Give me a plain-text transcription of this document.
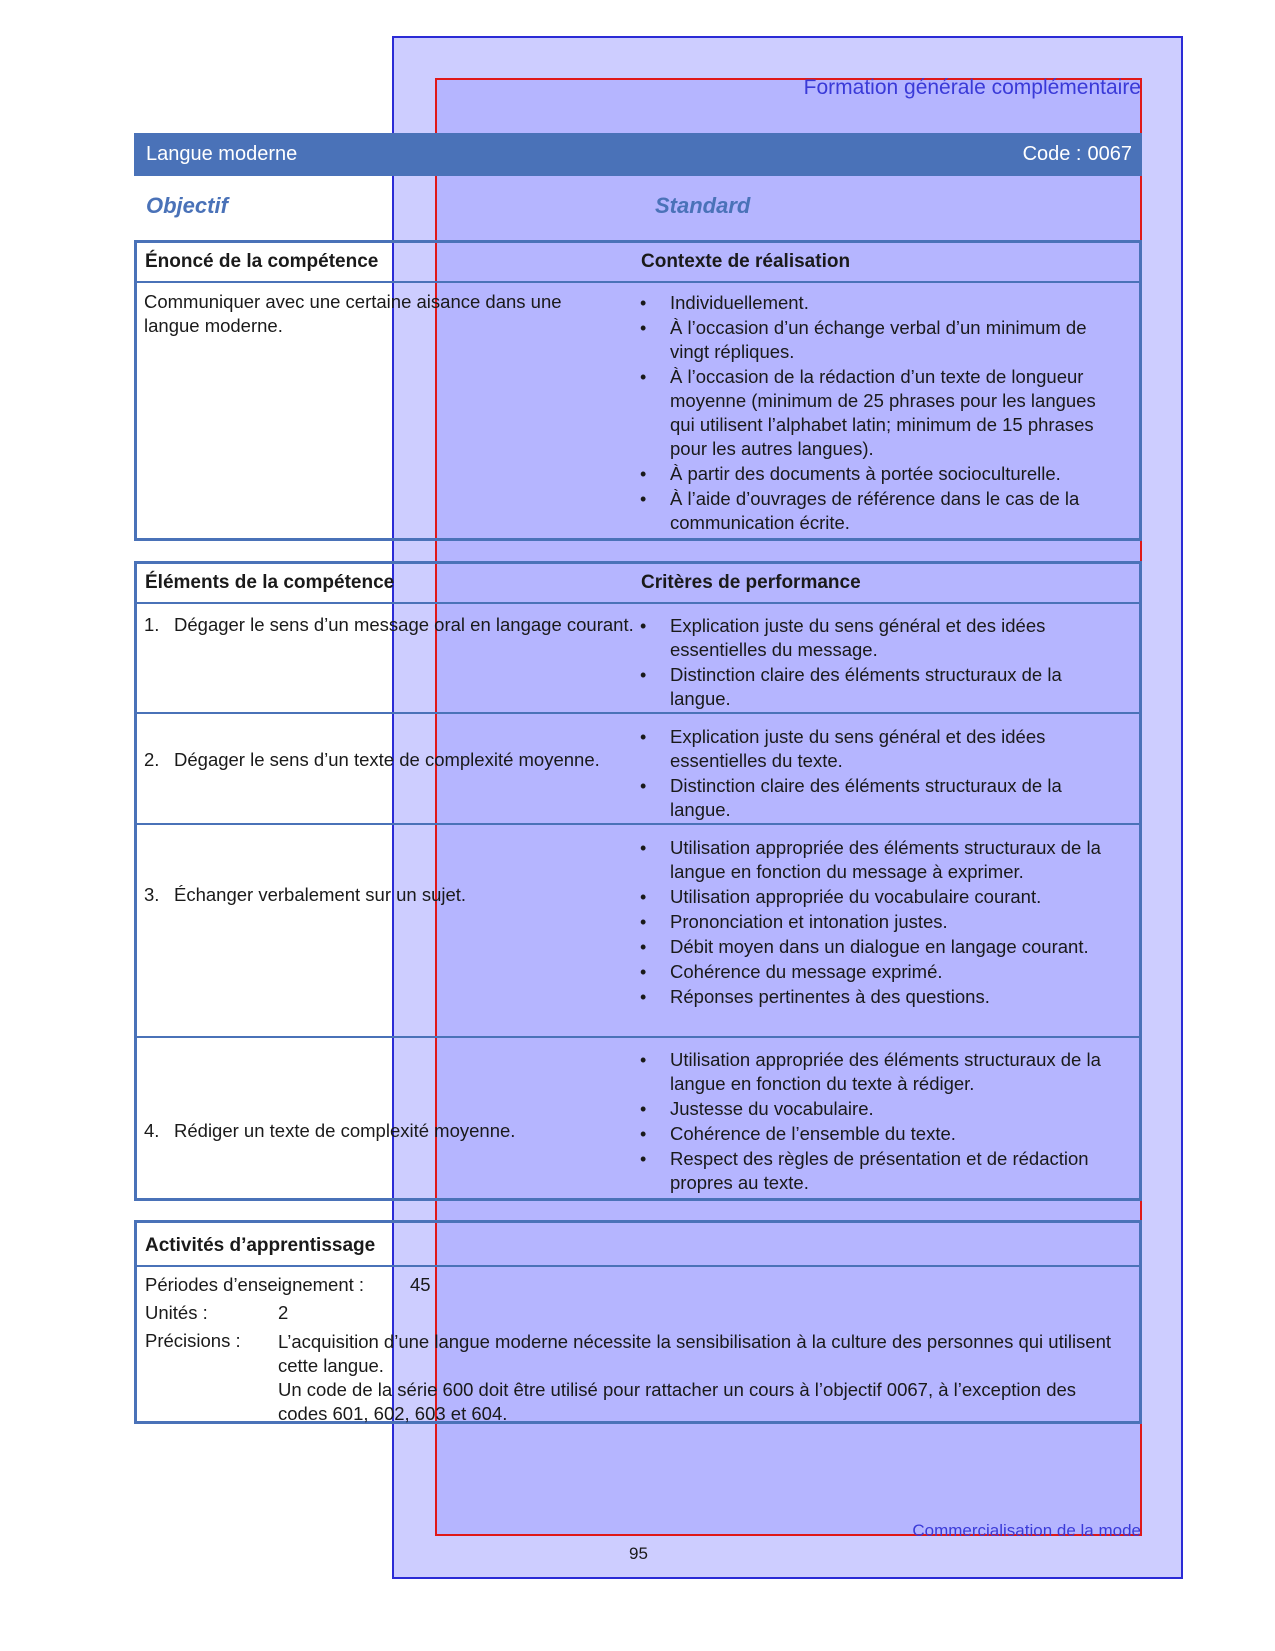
Formation générale complémentaire
Langue moderne	Code : 0067
Objectif	Standard
Énoncé de la compétence	Contexte de réalisation
Communiquer avec une certaine aisance dans une langue moderne.
• Individuellement.
• À l’occasion d’un échange verbal d’un minimum de vingt répliques.
• À l’occasion de la rédaction d’un texte de longueur moyenne (minimum de 25 phrases pour les langues qui utilisent l’alphabet latin; minimum de 15 phrases pour les autres langues).
• À partir des documents à portée socioculturelle.
• À l’aide d’ouvrages de référence dans le cas de la communication écrite.
Éléments de la compétence	Critères de performance
1. Dégager le sens d’un message oral en langage courant.
•	Explication juste du sens général et des idées essentielles du message.
• Distinction claire des éléments structuraux de la langue.
2. Dégager le sens d’un texte de complexité moyenne.
• Explication juste du sens général et des idées essentielles du texte.
• Distinction claire des éléments structuraux de la langue.
3. Échanger verbalement sur un sujet.
• Utilisation appropriée des éléments structuraux de la langue en fonction du message à exprimer.
• Utilisation appropriée du vocabulaire courant.
• Prononciation et intonation justes.
• Débit moyen dans un dialogue en langage courant.
• Cohérence du message exprimé.
• Réponses pertinentes à des questions.
4. Rédiger un texte de complexité moyenne.
• Utilisation appropriée des éléments structuraux de la langue en fonction du texte à rédiger.
• Justesse du vocabulaire.
• Cohérence de l’ensemble du texte.
• Respect des règles de présentation et de rédaction propres au texte.
Activités d’apprentissage
Périodes d’enseignement : 45
Unités :	2
Précisions : L’acquisition d’une langue moderne nécessite la sensibilisation à la culture des personnes qui utilisent cette langue.
Un code de la série 600 doit être utilisé pour rattacher un cours à l’objectif 0067, à l’exception des codes 601, 602, 603 et 604.
Commercialisation de la mode
95
